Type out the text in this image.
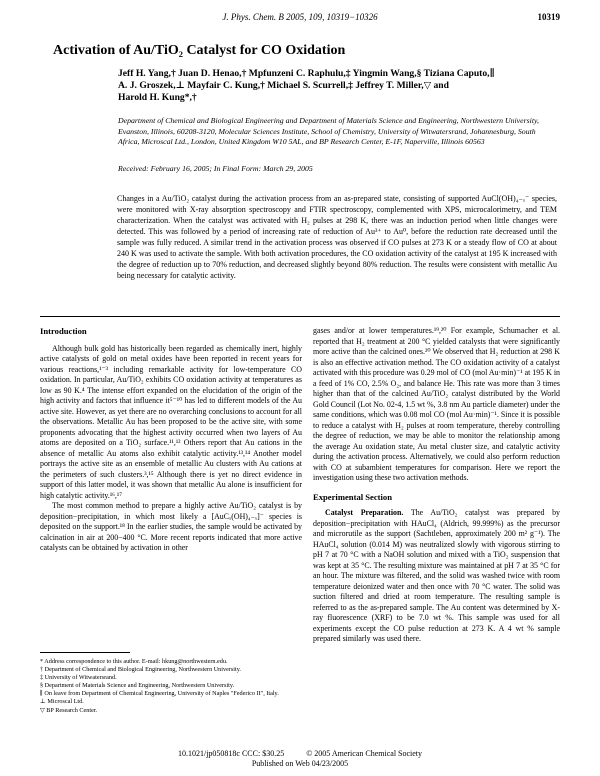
J. Phys. Chem. B 2005, 109, 10319−10326	10319
Activation of Au/TiO₂ Catalyst for CO Oxidation
Jeff H. Yang,† Juan D. Henao,† Mpfunzeni C. Raphulu,‡ Yingmin Wang,§ Tiziana Caputo,∥
A. J. Groszek,⊥ Mayfair C. Kung,† Michael S. Scurrell,‡ Jeffrey T. Miller,▽ and
Harold H. Kung*,†
Department of Chemical and Biological Engineering and Department of Materials Science and Engineering, Northwestern University, Evanston, Illinois, 60208-3120, Molecular Sciences Institute, School of Chemistry, University of Witwatersrand, Johannesburg, South Africa, Microscal Ltd., London, United Kingdom W10 5AL, and BP Research Center, E-1F, Naperville, Illinois 60563
Received: February 16, 2005; In Final Form: March 29, 2005
Changes in a Au/TiO₂ catalyst during the activation process from an as-prepared state, consisting of supported AuCl(OH)₄₋ₓ⁻ species, were monitored with X-ray absorption spectroscopy and FTIR spectroscopy, complemented with XPS, microcalorimetry, and TEM characterization. When the catalyst was activated with H₂ pulses at 298 K, there was an induction period when little changes were detected. This was followed by a period of increasing rate of reduction of Au³⁺ to Au⁰, before the reduction rate decreased until the sample was fully reduced. A similar trend in the activation process was observed if CO pulses at 273 K or a steady flow of CO at about 240 K was used to activate the sample. With both activation procedures, the CO oxidation activity of the catalyst at 195 K increased with the degree of reduction up to 70% reduction, and decreased slightly beyond 80% reduction. The results were consistent with metallic Au being necessary for catalytic activity.

Introduction

Although bulk gold has historically been regarded as chemically inert, highly active catalysts of gold on metal oxides have been reported in recent years for various reactions,¹⁻³ including remarkable activity for low-temperature CO oxidation. In particular, Au/TiO₂ exhibits CO oxidation activity at temperatures as low as 90 K.⁴ The intense effort expanded on the elucidation of the origin of the high activity and factors that influence it⁵⁻¹⁰ has led to different models of the Au active site. However, as yet there are no overarching conclusions to account for all the observations. Metallic Au has been proposed to be the active site, with some proponents advocating that the highest activity occurred when two layers of Au atoms are deposited on a TiO₂ surface.¹¹,¹² Others report that Au cations in the absence of metallic Au atoms also exhibit catalytic activity.¹³,¹⁴ Another model portrays the active site as an ensemble of metallic Au clusters with Au cations at the perimeters of such clusters.³,¹⁵ Although there is yet no direct evidence in support of this latter model, it was shown that metallic Au alone is insufficient for high catalytic activity.¹⁶,¹⁷

The most common method to prepare a highly active Au/TiO₂ catalyst is by deposition−precipitation, in which most likely a [AuCₓ(OH)₄₋ₓ]⁻ species is deposited on the support.¹⁸ In the earlier studies, the sample would be activated by calcination in air at 200−400 °C. More recent reports indicated that more active catalysts can be obtained by activation in other

gases and/or at lower temperatures.¹⁹,²⁰ For example, Schumacher et al. reported that H₂ treatment at 200 °C yielded catalysts that were significantly more active than the calcined ones.²⁰ We observed that H₂ reduction at 298 K is also an effective activation method. The CO oxidation activity of a catalyst activated with this procedure was 0.29 mol of CO (mol Au·min)⁻¹ at 195 K in a feed of 1% CO, 2.5% O₂, and balance He. This rate was more than 3 times higher than that of the calcined Au/TiO₂ catalyst distributed by the World Gold Council (Lot No. 02-4, 1.5 wt %, 3.8 nm Au particle diameter) under the same conditions, which was 0.08 mol CO (mol Au·min)⁻¹. Since it is possible to reduce a catalyst with H₂ pulses at room temperature, thereby controlling the degree of reduction, we may be able to monitor the relationship among the average Au oxidation state, Au metal cluster size, and catalytic activity during the activation process. Alternatively, we could also perform reduction with CO at subambient temperatures for comparison. Here we report the investigation using these two activation methods.

Experimental Section

Catalyst Preparation. The Au/TiO₂ catalyst was prepared by deposition−precipitation with HAuCl₄ (Aldrich, 99.999%) as the precursor and microrutile as the support (Sachtleben, approximately 200 m² g⁻¹). The HAuCl₄ solution (0.014 M) was neutralized slowly with vigorous stirring to pH 7 at 70 °C with a NaOH solution and mixed with a TiO₂ suspension that was kept at 35 °C. The resulting mixture was maintained at pH 7 at 35 °C for an hour. The mixture was filtered, and the solid was washed twice with room temperature deionized water and then once with 70 °C water. The solid was suction filtered and dried at room temperature. The resulting sample is referred to as the as-prepared sample. The Au content was determined by X-ray fluorescence (XRF) to be 7.0 wt %. This sample was used for all experiments except the CO pulse reduction at 273 K. A 4 wt % sample prepared similarly was used there.

* Address correspondence to this author. E-mail: hkung@northwestern.edu.
† Department of Chemical and Biological Engineering, Northwestern University.
‡ University of Witwatersrand.
§ Department of Materials Science and Engineering, Northwestern University.
∥ On leave from Department of Chemical Engineering, University of Naples "Federico II", Italy.
⊥ Microscal Ltd.
▽ BP Research Center.
10.1021/jp050818c CCC: $30.25	© 2005 American Chemical Society
Published on Web 04/23/2005
